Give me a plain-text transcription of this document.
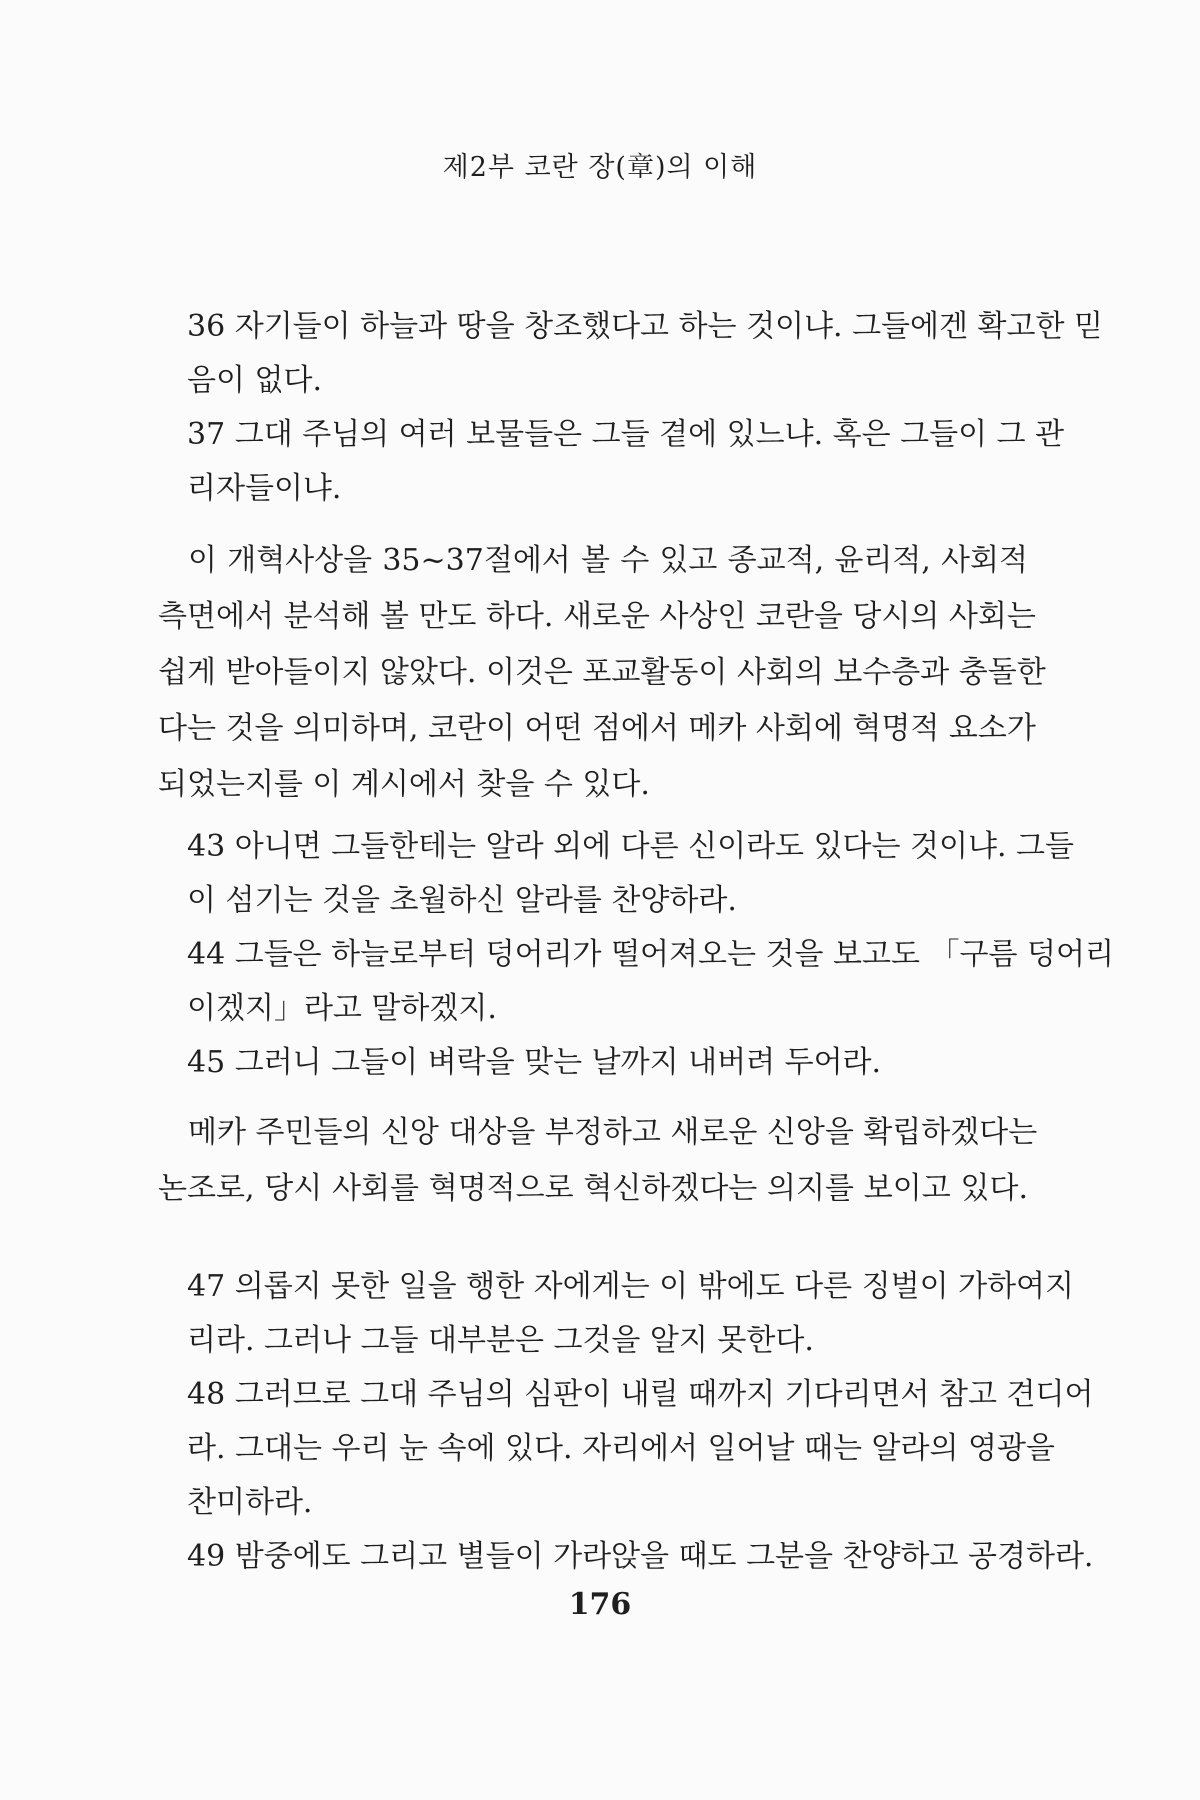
제2부 코란 장(章)의 이해
36 자기들이 하늘과 땅을 창조했다고 하는 것이냐. 그들에겐 확고한 믿
음이 없다.
37 그대 주님의 여러 보물들은 그들 곁에 있느냐. 혹은 그들이 그 관
리자들이냐.
이 개혁사상을 35~37절에서 볼 수 있고 종교적, 윤리적, 사회적
측면에서 분석해 볼 만도 하다. 새로운 사상인 코란을 당시의 사회는
쉽게 받아들이지 않았다. 이것은 포교활동이 사회의 보수층과 충돌한
다는 것을 의미하며, 코란이 어떤 점에서 메카 사회에 혁명적 요소가
되었는지를 이 계시에서 찾을 수 있다.
43 아니면 그들한테는 알라 외에 다른 신이라도 있다는 것이냐. 그들
이 섬기는 것을 초월하신 알라를 찬양하라.
44 그들은 하늘로부터 덩어리가 떨어져오는 것을 보고도 「구름 덩어리
이겠지」라고 말하겠지.
45 그러니 그들이 벼락을 맞는 날까지 내버려 두어라.
메카 주민들의 신앙 대상을 부정하고 새로운 신앙을 확립하겠다는
논조로, 당시 사회를 혁명적으로 혁신하겠다는 의지를 보이고 있다.
47 의롭지 못한 일을 행한 자에게는 이 밖에도 다른 징벌이 가하여지
리라. 그러나 그들 대부분은 그것을 알지 못한다.
48 그러므로 그대 주님의 심판이 내릴 때까지 기다리면서 참고 견디어
라. 그대는 우리 눈 속에 있다. 자리에서 일어날 때는 알라의 영광을
찬미하라.
49 밤중에도 그리고 별들이 가라앉을 때도 그분을 찬양하고 공경하라.
176
